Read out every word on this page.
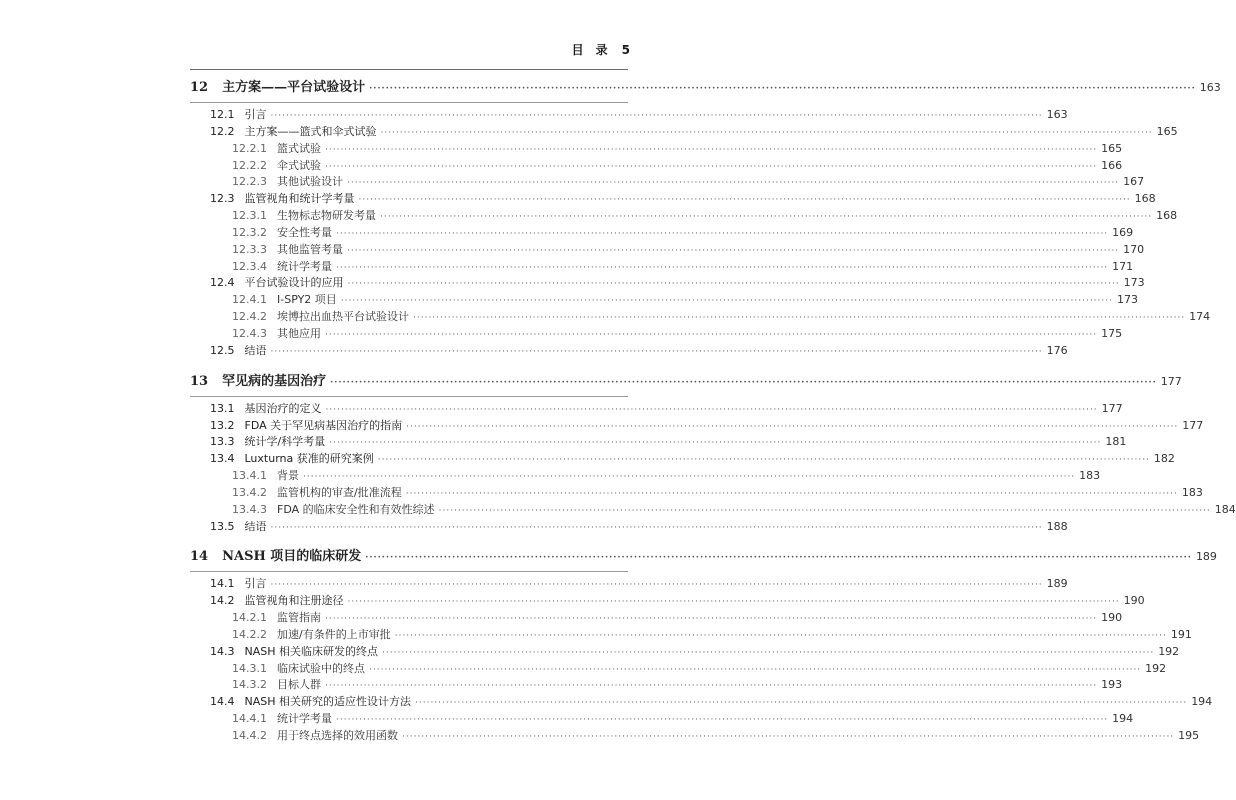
目　录 5
12 主方案——平台试验设计 ········································································································································································································ 163
12.1 引言 ········································································································································································································ 163
12.2 主方案——篮式和伞式试验 ········································································································································································································ 165
12.2.1 篮式试验 ········································································································································································································ 165
12.2.2 伞式试验 ········································································································································································································ 166
12.2.3 其他试验设计 ········································································································································································································ 167
12.3 监管视角和统计学考量 ········································································································································································································ 168
12.3.1 生物标志物研发考量 ········································································································································································································ 168
12.3.2 安全性考量 ········································································································································································································ 169
12.3.3 其他监管考量 ········································································································································································································ 170
12.3.4 统计学考量 ········································································································································································································ 171
12.4 平台试验设计的应用 ········································································································································································································ 173
12.4.1 I-SPY2 项目 ········································································································································································································ 173
12.4.2 埃博拉出血热平台试验设计 ········································································································································································································ 174
12.4.3 其他应用 ········································································································································································································ 175
12.5 结语 ········································································································································································································ 176
13 罕见病的基因治疗 ········································································································································································································ 177
13.1 基因治疗的定义 ········································································································································································································ 177
13.2 FDA 关于罕见病基因治疗的指南 ········································································································································································································ 177
13.3 统计学/科学考量 ········································································································································································································ 181
13.4 Luxturna 获准的研究案例 ········································································································································································································ 182
13.4.1 背景 ········································································································································································································ 183
13.4.2 监管机构的审查/批准流程 ········································································································································································································ 183
13.4.3 FDA 的临床安全性和有效性综述 ········································································································································································································ 184
13.5 结语 ········································································································································································································ 188
14 NASH 项目的临床研发 ········································································································································································································ 189
14.1 引言 ········································································································································································································ 189
14.2 监管视角和注册途径 ········································································································································································································ 190
14.2.1 监管指南 ········································································································································································································ 190
14.2.2 加速/有条件的上市审批 ········································································································································································································ 191
14.3 NASH 相关临床研发的终点 ········································································································································································································ 192
14.3.1 临床试验中的终点 ········································································································································································································ 192
14.3.2 目标人群 ········································································································································································································ 193
14.4 NASH 相关研究的适应性设计方法 ········································································································································································································ 194
14.4.1 统计学考量 ········································································································································································································ 194
14.4.2 用于终点选择的效用函数 ········································································································································································································ 195
